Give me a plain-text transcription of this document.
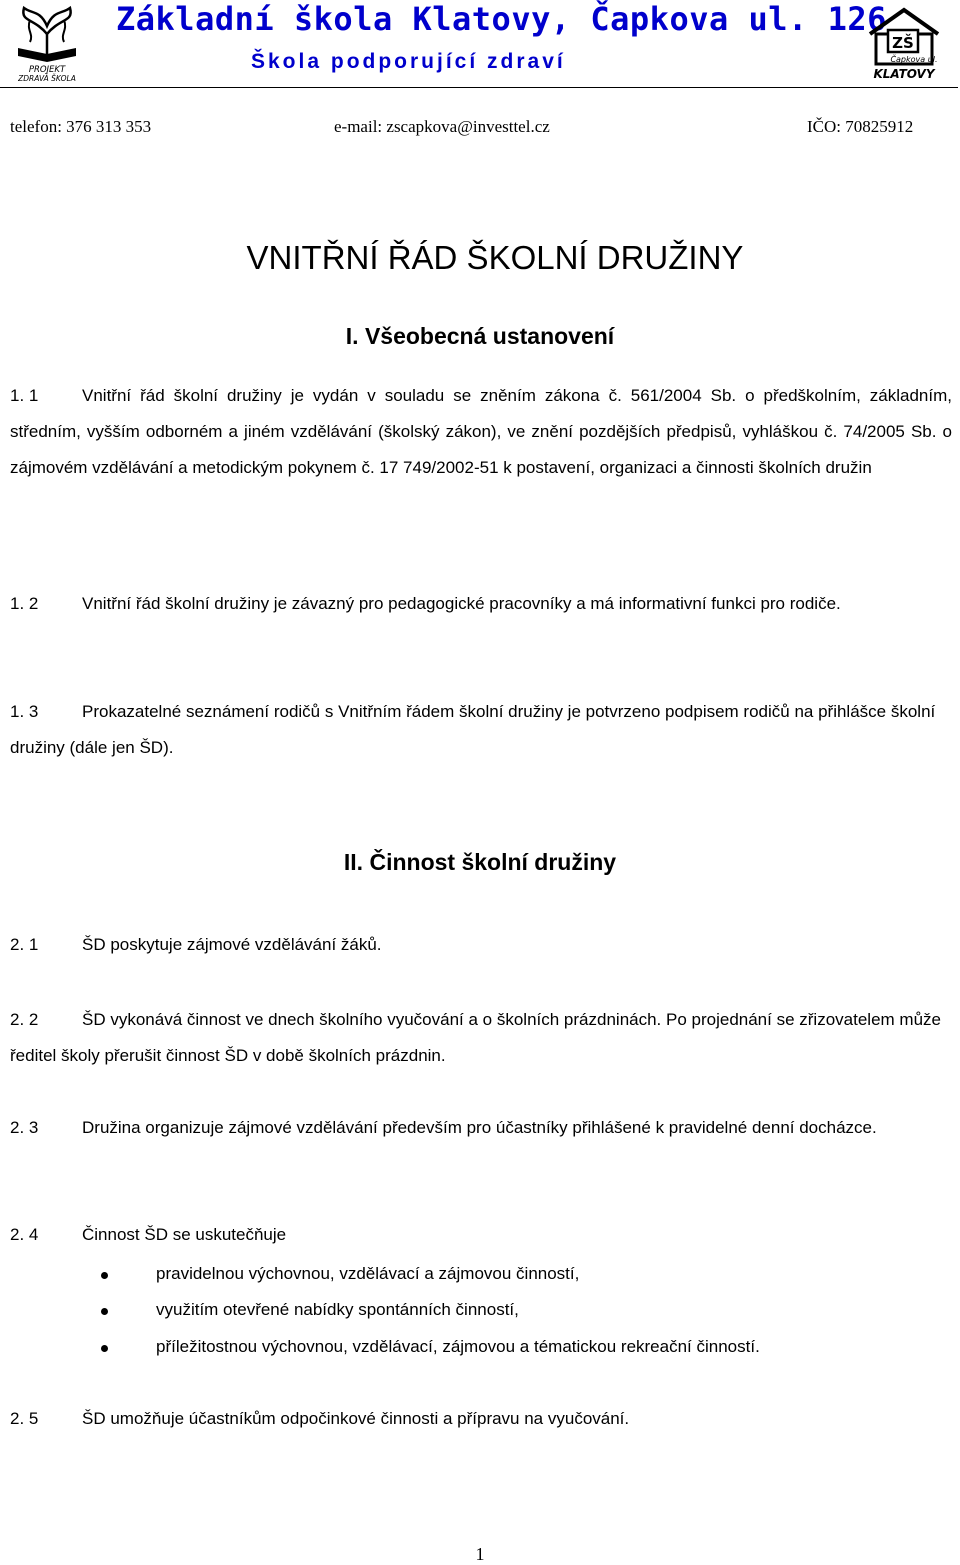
PROJEKT
ZDRAVÁ ŠKOLA
Základní škola Klatovy, Čapkova ul. 126
Škola podporující zdraví
ZŠ
Čapkova ul.
KLATOVY
telefon: 376 313 353	e-mail: zscapkova@investtel.cz	IČO: 70825912
VNITŘNÍ ŘÁD ŠKOLNÍ DRUŽINY
I. Všeobecná ustanovení

1. 1	Vnitřní řád školní družiny je vydán v souladu se zněním zákona č. 561/2004 Sb. o předškolním, základním, středním, vyšším odborném a jiném vzdělávání (školský zákon), ve znění pozdějších předpisů, vyhláškou č. 74/2005 Sb. o zájmovém vzdělávání a metodickým pokynem č. 17 749/2002-51 k postavení, organizaci a činnosti školních družin

1. 2	Vnitřní řád školní družiny je závazný pro pedagogické pracovníky a má informativní funkci pro rodiče.

1. 3	Prokazatelné seznámení rodičů s Vnitřním řádem školní družiny je potvrzeno podpisem rodičů na přihlášce školní družiny (dále jen ŠD).

II. Činnost školní družiny

2. 1	ŠD poskytuje zájmové vzdělávání žáků.

2. 2	ŠD vykonává činnost ve dnech školního vyučování a o školních prázdninách. Po projednání se zřizovatelem může ředitel školy přerušit činnost ŠD v době školních prázdnin.

2. 3	Družina organizuje zájmové vzdělávání především pro účastníky přihlášené k pravidelné denní docházce.

2. 4	Činnost ŠD se uskutečňuje

pravidelnou výchovnou, vzdělávací a zájmovou činností,
využitím otevřené nabídky spontánních činností,
příležitostnou výchovnou, vzdělávací, zájmovou a tématickou rekreační činností.

2. 5	ŠD umožňuje účastníkům odpočinkové činnosti a přípravu na vyučování.

1
